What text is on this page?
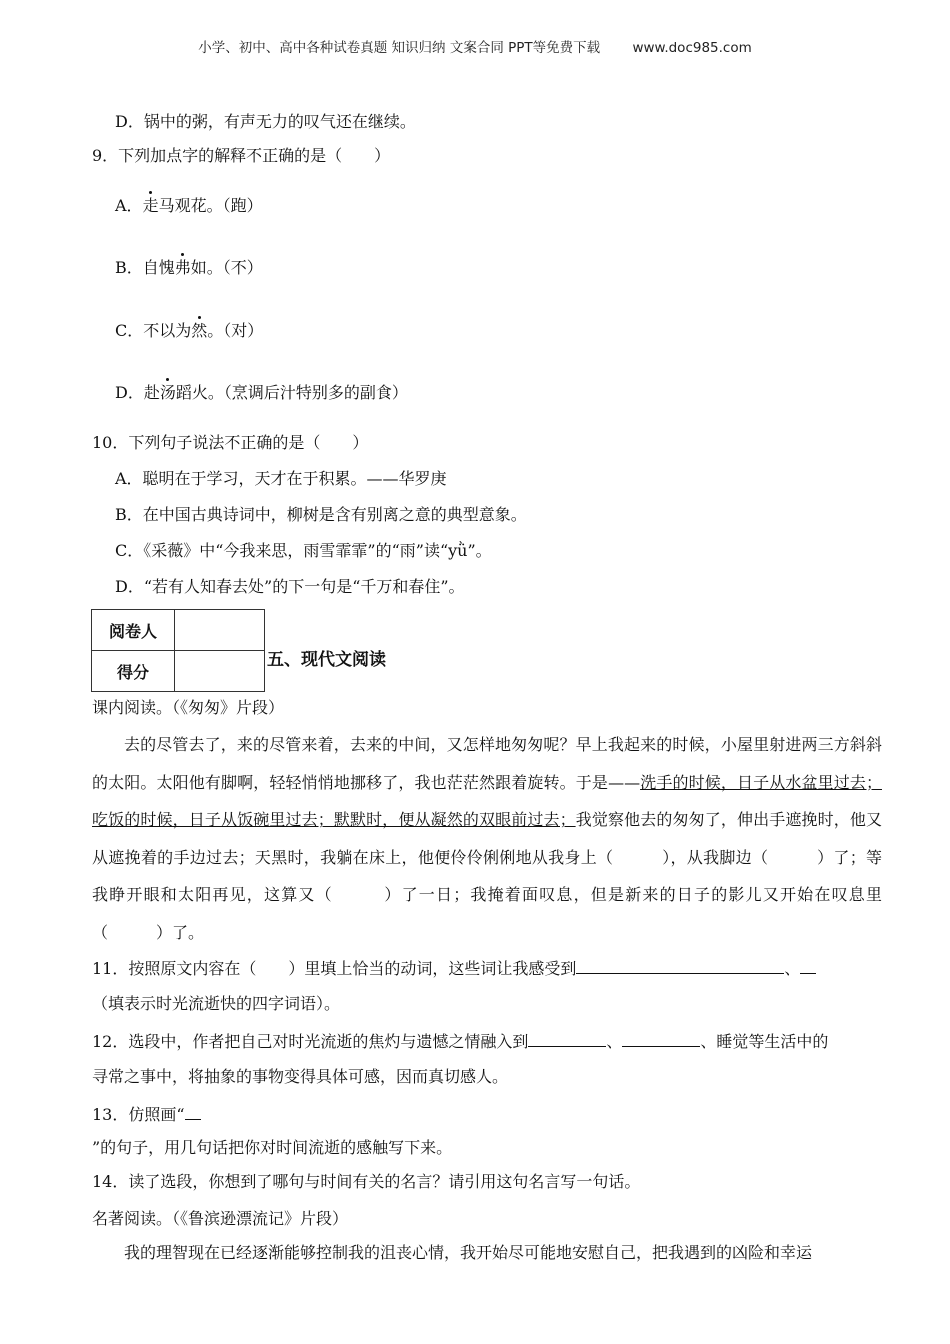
小学、初中、高中各种试卷真题 知识归纳 文案合同 PPT等免费下载 www.doc985.com
D．锅中的粥，有声无力的叹气还在继续。
9．下列加点字的解释不正确的是（　　）
A．走马观花。（跑）
B．自愧弗如。（不）
C．不以为然。（对）
D．赴汤蹈火。（烹调后汁特别多的副食）
10．下列句子说法不正确的是（　　）
A．聪明在于学习，天才在于积累。——华罗庚
B．在中国古典诗词中，柳树是含有别离之意的典型意象。
C．《采薇》中“今我来思，雨雪霏霏”的“雨”读“yǜ”。
D．“若有人知春去处”的下一句是“千万和春住”。
阅卷人	
得分	
五、现代文阅读
课内阅读。（《匆匆》片段）
去的尽管去了，来的尽管来着，去来的中间，又怎样地匆匆呢？早上我起来的时候，小屋里射进两三方斜斜的太阳。太阳他有脚啊，轻轻悄悄地挪移了，我也茫茫然跟着旋转。于是——洗手的时候，日子从水盆里过去；吃饭的时候，日子从饭碗里过去；默默时，便从凝然的双眼前过去；我觉察他去的匆匆了，伸出手遮挽时，他又从遮挽着的手边过去；天黑时，我躺在床上，他便伶伶俐俐地从我身上（　　　），从我脚边（　　　）了；等我睁开眼和太阳再见，这算又（　　　）了一日；我掩着面叹息，但是新来的日子的影儿又开始在叹息里（　　　）了。
11．按照原文内容在（　　）里填上恰当的动词，这些词让我感受到	、
（填表示时光流逝快的四字词语）。
12．选段中，作者把自己对时光流逝的焦灼与遗憾之情融入到	、	、睡觉等生活中的
寻常之事中，将抽象的事物变得具体可感，因而真切感人。
13．仿照画“
”的句子，用几句话把你对时间流逝的感触写下来。
14．读了选段，你想到了哪句与时间有关的名言？请引用这句名言写一句话。
名著阅读。（《鲁滨逊漂流记》片段）
我的理智现在已经逐渐能够控制我的沮丧心情，我开始尽可能地安慰自己，把我遇到的凶险和幸运
